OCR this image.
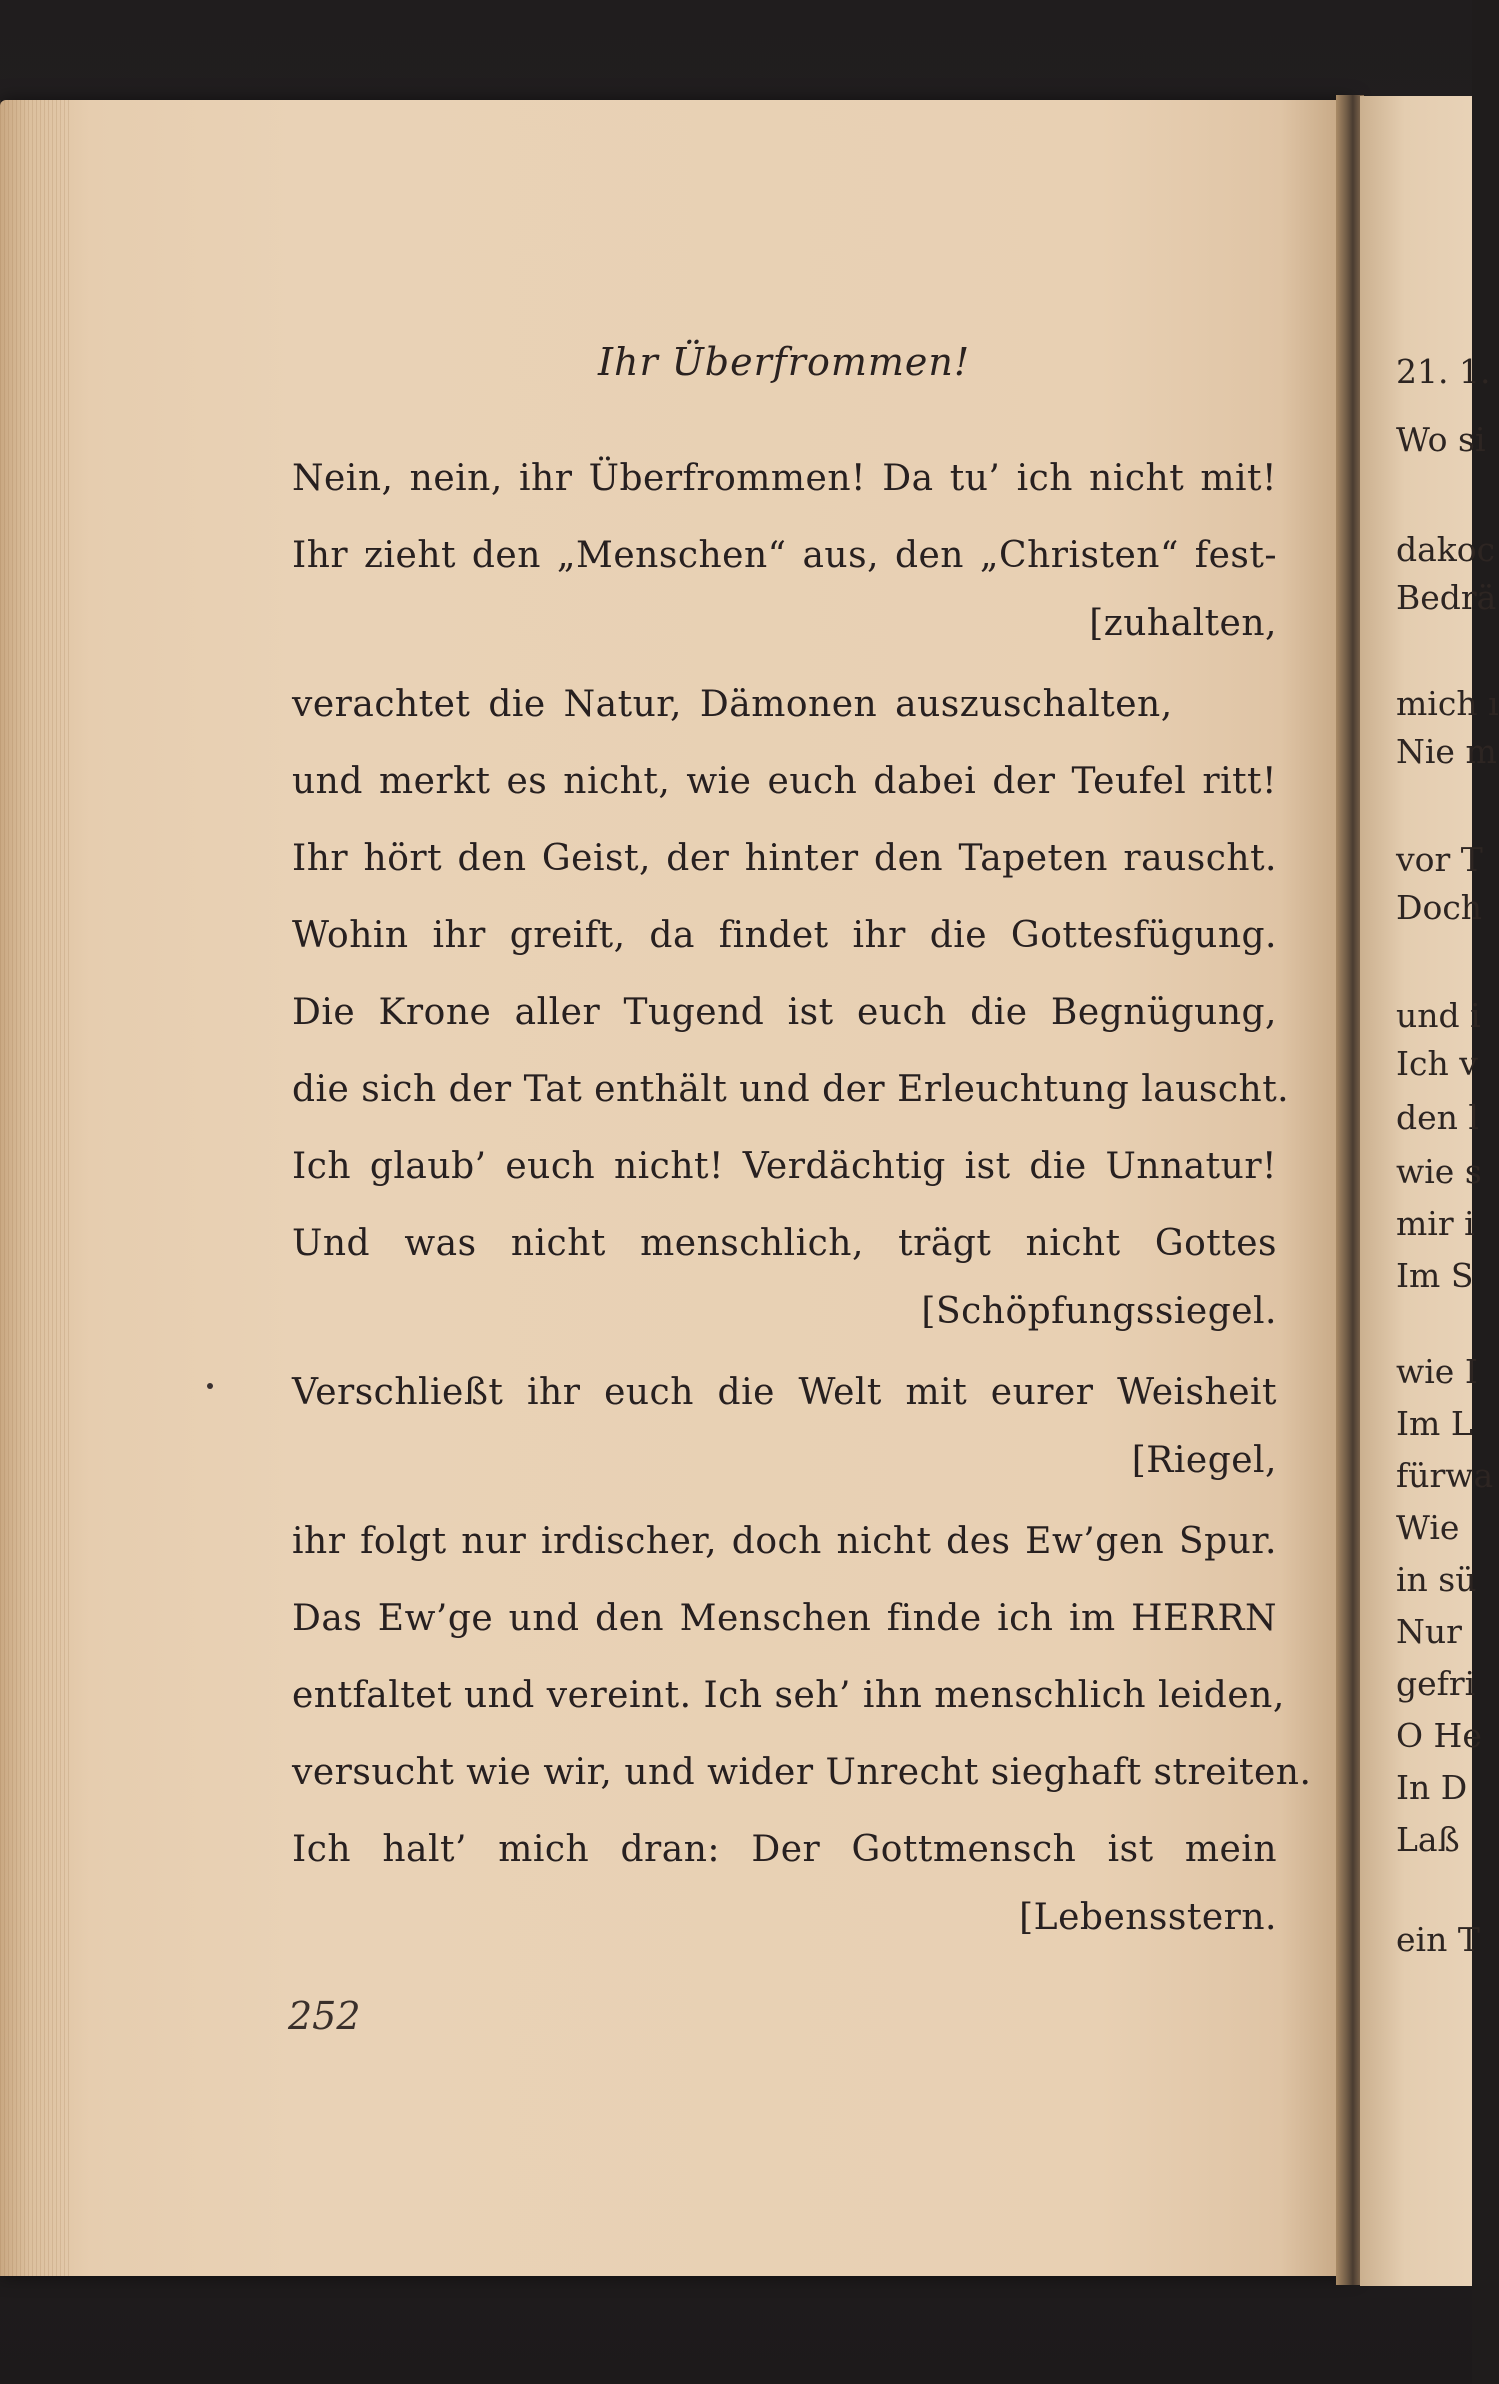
Ihr Überfrommen!
Nein, nein, ihr Überfrommen! Da tu’ ich nicht mit!
Ihr zieht den „Menschen“ aus, den „Christen“ fest-
[zuhalten,
verachtet die Natur, Dämonen auszuschalten,
und merkt es nicht, wie euch dabei der Teufel ritt!
Ihr hört den Geist, der hinter den Tapeten rauscht.
Wohin ihr greift, da findet ihr die Gottesfügung.
Die Krone aller Tugend ist euch die Begnügung,
die sich der Tat enthält und der Erleuchtung lauscht.
Ich glaub’ euch nicht! Verdächtig ist die Unnatur!
Und was nicht menschlich, trägt nicht Gottes
[Schöpfungssiegel.
Verschließt ihr euch die Welt mit eurer Weisheit
[Riegel,
ihr folgt nur irdischer, doch nicht des Ew’gen Spur.
Das Ew’ge und den Menschen finde ich im HERRN
entfaltet und vereint. Ich seh’ ihn menschlich leiden,
versucht wie wir, und wider Unrecht sieghaft streiten.
Ich halt’ mich dran: Der Gottmensch ist mein
[Lebensstern.
252
21. 1.
Wo si
dakoc
Bedrä
mich ı
Nie m
vor T
Doch
und i
Ich v
den l
wie s
mir i
Im S
wie I
Im L
fürwa
Wie
in sü
Nur
gefri
O He
In D
Laß
ein T
